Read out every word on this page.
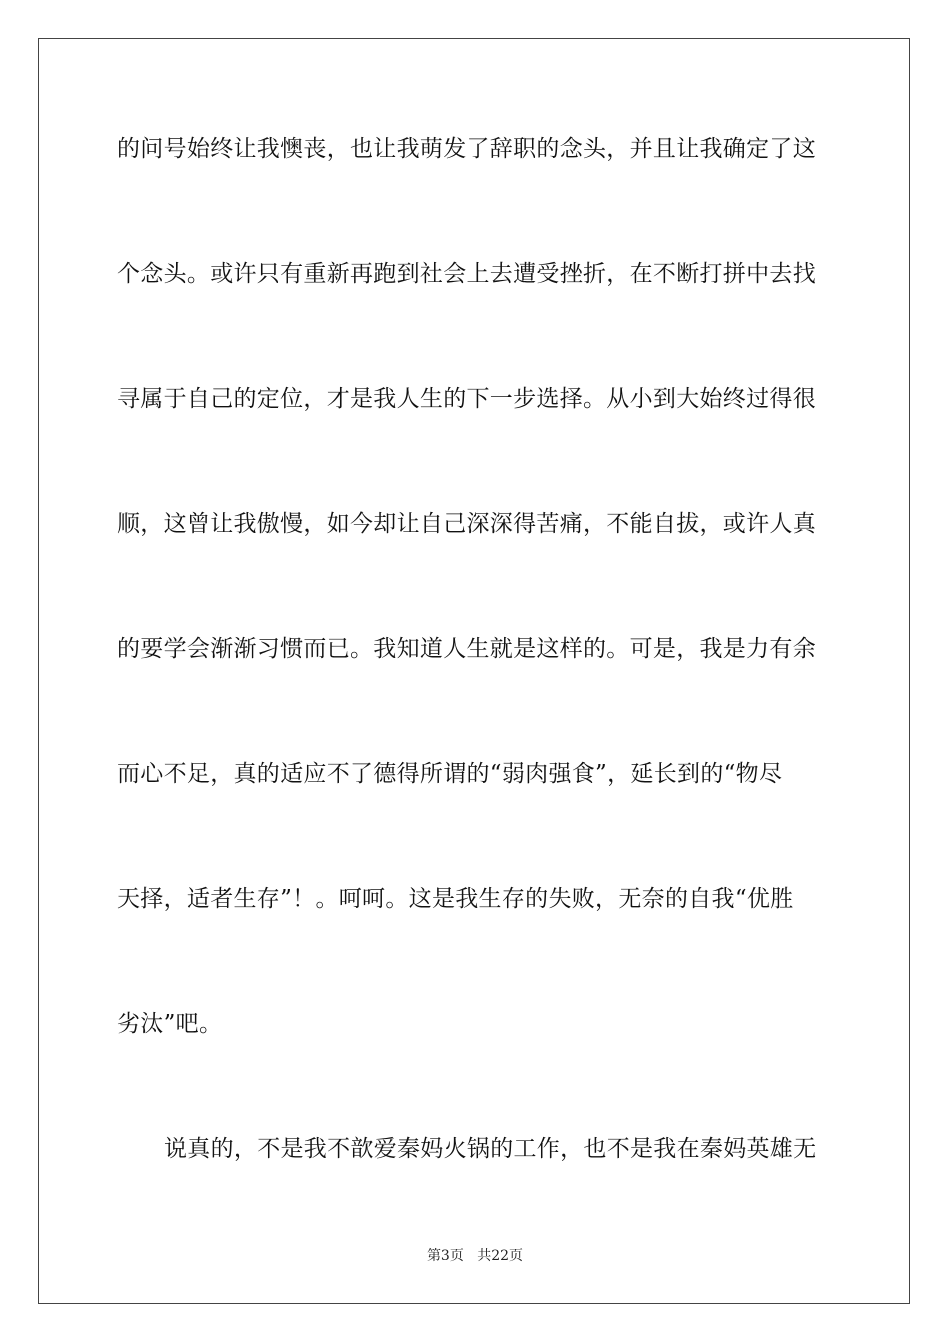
的问号始终让我懊丧，也让我萌发了辞职的念头，并且让我确定了这
个念头。或许只有重新再跑到社会上去遭受挫折，在不断打拼中去找
寻属于自己的定位，才是我人生的下一步选择。从小到大始终过得很
顺，这曾让我傲慢，如今却让自己深深得苦痛，不能自拔，或许人真
的要学会渐渐习惯而已。我知道人生就是这样的。可是，我是力有余
而心不足，真的适应不了德得所谓的“弱肉强食”，延长到的“物尽
天择，适者生存”！。呵呵。这是我生存的失败，无奈的自我“优胜
劣汰”吧。
说真的，不是我不歆爱秦妈火锅的工作，也不是我在秦妈英雄无
第3页 共22页
